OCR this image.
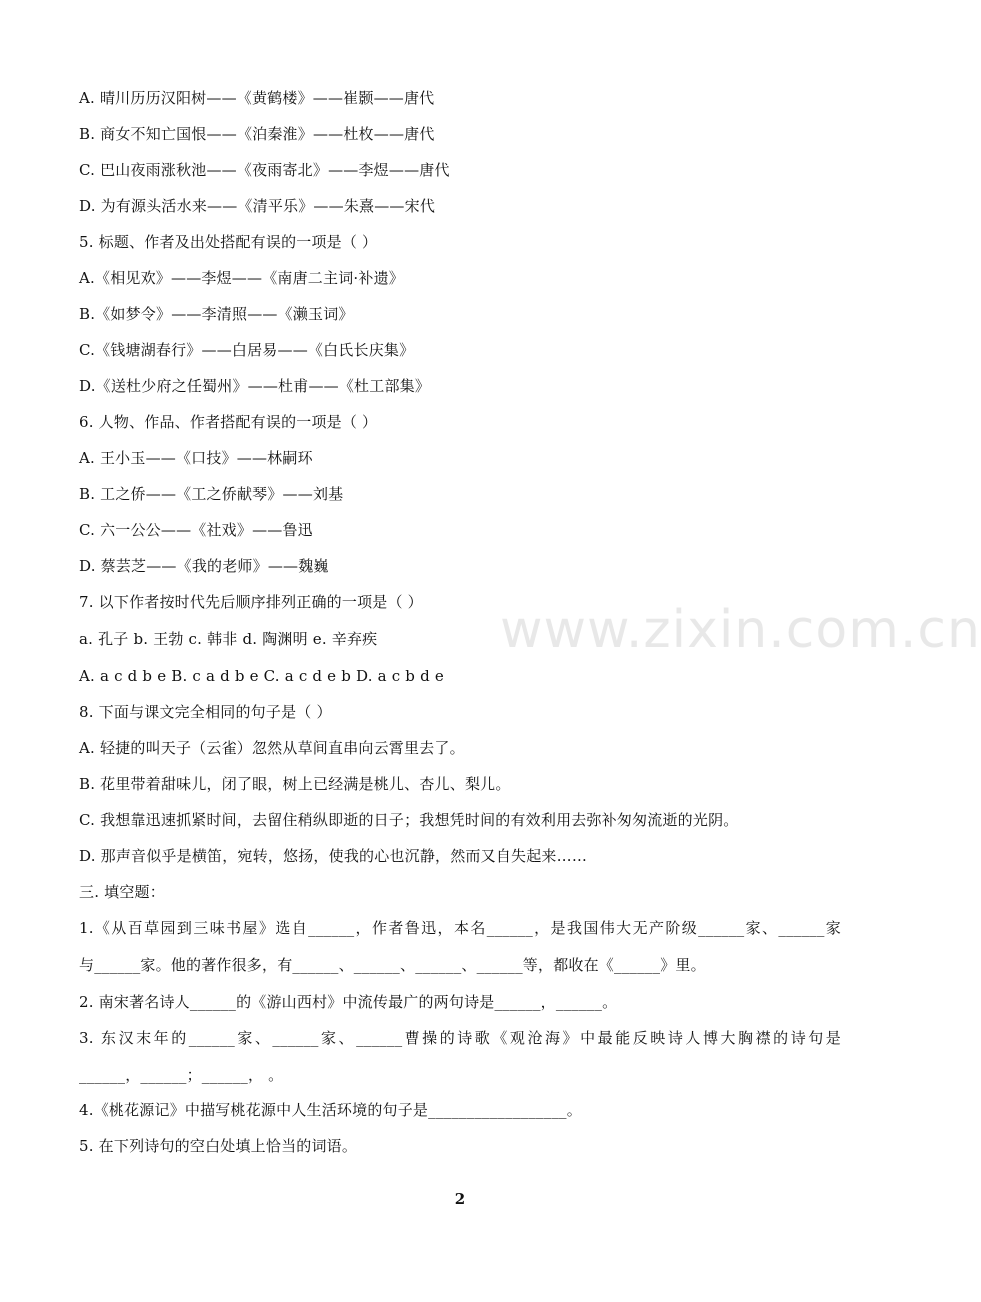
A. 晴川历历汉阳树——《黄鹤楼》——崔颢——唐代
B. 商女不知亡国恨——《泊秦淮》——杜枚——唐代
C. 巴山夜雨涨秋池——《夜雨寄北》——李煜——唐代
D. 为有源头活水来——《清平乐》——朱熹——宋代
5. 标题、作者及出处搭配有误的一项是（ ）
A.《相见欢》——李煜——《南唐二主词·补遗》
B.《如梦令》——李清照——《濑玉词》
C.《钱塘湖春行》——白居易——《白氏长庆集》
D.《送杜少府之任蜀州》——杜甫——《杜工部集》
6. 人物、作品、作者搭配有误的一项是（ ）
A. 王小玉——《口技》——林嗣环
B. 工之侨——《工之侨献琴》——刘基
C. 六一公公——《社戏》——鲁迅
D. 蔡芸芝——《我的老师》——魏巍
7. 以下作者按时代先后顺序排列正确的一项是（ ）
a. 孔子 b. 王勃 c. 韩非 d. 陶渊明 e. 辛弃疾
A. a c d b e B. c a d b e C. a c d e b D. a c b d e
8. 下面与课文完全相同的句子是（ ）
A. 轻捷的叫天子（云雀）忽然从草间直串向云霄里去了。
B. 花里带着甜味儿，闭了眼，树上已经满是桃儿、杏儿、梨儿。
C. 我想靠迅速抓紧时间，去留住稍纵即逝的日子；我想凭时间的有效利用去弥补匆匆流逝的光阴。
D. 那声音似乎是横笛，宛转，悠扬，使我的心也沉静，然而又自失起来……
三. 填空题：
1.《从百草园到三味书屋》选自______，作者鲁迅，本名______，是我国伟大无产阶级______家、______家
与______家。他的著作很多，有______、______、______、______等，都收在《______》里。
2. 南宋著名诗人______的《游山西村》中流传最广的两句诗是______，______。
3. 东汉末年的______家、______家、______曹操的诗歌《观沧海》中最能反映诗人博大胸襟的诗句是
______，______；______， 。
4.《桃花源记》中描写桃花源中人生活环境的句子是__________________。
5. 在下列诗句的空白处填上恰当的词语。
www.zixin.com.cn
2
